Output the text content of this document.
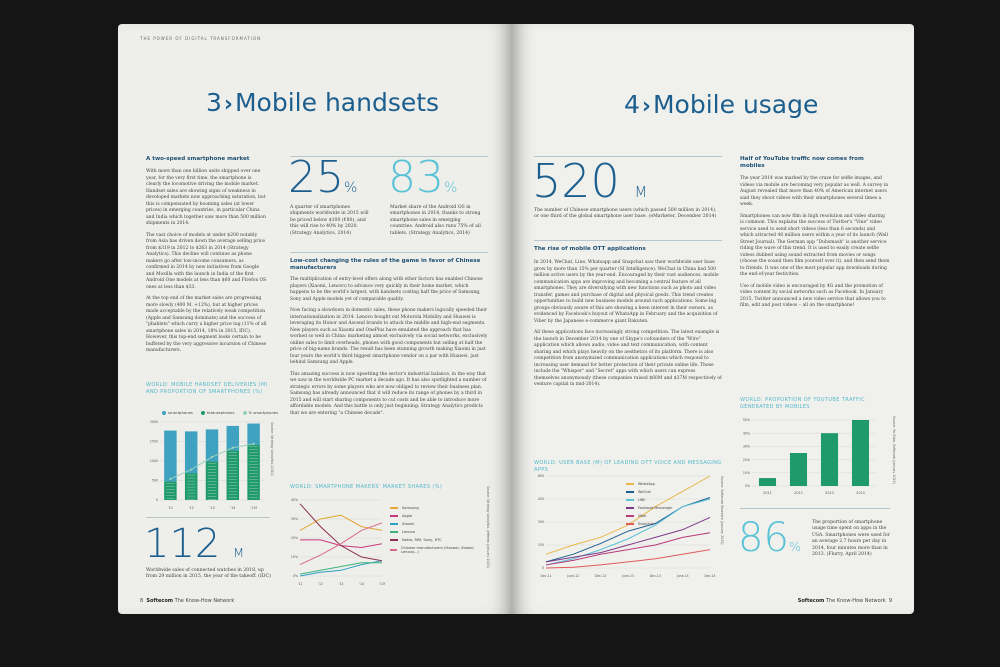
THE POWER OF DIGITAL TRANSFORMATION
3›Mobile handsets
A two-speed smartphone market

With more than one billion units shipped over one year, for the very first time, the smartphone is clearly the locomotive driving the mobile market. Handset sales are showing signs of weakness in developed markets now approaching saturation, but this is compensated by booming sales (at lower prices) in emerging countries, in particular China and India which together saw more than 500 million shipments in 2014.

The vast choice of models at under $200 notably from Asia has driven down the average selling price from $319 in 2012 to $263 in 2014 (Strategy Analytics). This decline will continue as phone makers go after low-income consumers, as confirmed in 2014 by new initiatives from Google and Mozilla with the launch in India of the first Android One models at less than $60 and Firefox OS ones at less than $33.

At the top end of the market sales are progressing more slowly (400 M, +12%), but at higher prices made acceptable by the relatively weak competition (Apple and Samsung dominate) and the success of "phablets" which carry a higher price tag (11% of all smartphone sales in 2014, 18% in 2015, IDC). However, this top-end segment looks certain to be buffeted by the very aggressive incursion of Chinese manufacturers.

WORLD: MOBILE HANDSET DELIVERIES (M) AND PROPORTION OF SMARTPHONES (%)
smartphones	featurephones	% smartphones
0
500
1000
1500
2000
'11	'12	'13	'14	'15f
Source: Strategy Analytics (2014)
112 M
Worldwide sales of connected watches in 2018, up from 29 million in 2015, the year of the takeoff. (IDC)
25%
A quarter of smartphones shipments worldwide in 2015 will be priced below $100 (€80), and this will rise to 40% by 2020. (Strategy Analytics, 2014)
83%
Market share of the Android OS in smartphones in 2014, thanks to strong smartphone sales in emerging countries. Android also runs 75% of all tablets. (Strategy Analytics, 2014)
Low-cost changing the rules of the game in favor of Chinese manufacturers

The multiplication of entry-level offers along with other factors has enabled Chinese players (Xiaomi, Lenovo) to advance very quickly in their home market, which happens to be the world's largest, with handsets costing half the price of Samsung, Sony and Apple models yet of comparable quality.

Now facing a slowdown in domestic sales, these phone makers logically speeded their internationalization in 2014. Lenovo bought out Motorola Mobility and Huawei is leveraging its Honor and Ascend brands to attack the middle and high-end segments. New players such as Xiaomi and OnePlus have emulated the approach that has worked so well in China: marketing almost exclusively via social networks, exclusively online sales to limit overheads, phones with good components but selling at half the price of big-name brands. The result has been stunning growth making Xiaomi in just four years the world's third biggest smartphone vendor on a par with Huawei, just behind Samsung and Apple.

This amazing success is now upsetting the sector's industrial balance, in the way that we saw in the worldwide PC market a decade ago. It has also spotlighted a number of strategic errors by some players who are now obliged to review their business plan. Samsung has already announced that it will reduce its range of phones by a third in 2015 and will start sharing components to cut costs and be able to introduce more affordable models. And this battle is only just beginning: Strategy Analytics predicts that we are entering "a Chinese decade".

WORLD: SMARTPHONE MAKERS' MARKET SHARES (%)
0%
10%
20%
30%
40%
'11	'12	'13	'14	'15f
Samsung
Apple
Xiaomi
Lenovo
Nokia, RIM, Sony, HTC
Chinese manufacturers (Huawei, Xiaomi, Lenovo...)	Source: Strategy Analytics, Jefferies (January 2015)
8 Softecom The Know-How Network
4›Mobile usage
520 M
The number of Chinese smartphone users (which passed 500 million in 2014), or one third of the global smartphone user base. (eMarketer, December 2014)
The rise of mobile OTT applications

In 2014, WeChat, Line, Whatsapp and Snapchat saw their worldwide user base grow by more than 15% per quarter (SI Intelligence). WeChat in China had 500 million active users by the year-end. Encouraged by their vast audiences, mobile communication apps are improving and becoming a central feature of all smartphones. They are diversifying with new functions such as photo and video transfer, games and purchase of digital and physical goods. This trend creates opportunities to build new business models around such applications. Some big groups obviously aware of this are showing a keen interest in their owners, as evidenced by Facebook's buyout of WhatsApp in February and the acquisition of Viber by the Japanese e-commerce giant Rakuten.

All these applications face increasingly strong competition. The latest example is the launch in December 2014 by one of Skype's cofounders of the "Wire" application which allows audio, video and text communication, with content sharing and which plays heavily on the aesthetics of its platform. There is also competition from anonymized communication applications which respond to increasing user demand for better protection of their private online life. These include the "Whisper" and "Secret" apps with which users can express themselves anonymously (these companies raised $60M and $37M respectively of venture capital in mid-2014).

WORLD: USER BASE (M) OF LEADING OTT VOICE AND MESSAGING APPS
0
150
300
450
600
Dec-11	June-12	Dec-12	June-13	Dec-13	June-14	Dec-14
WhatsApp
WeChat
LINE
Facebook Messenger
Viber
Snapchat	Source: Softecom Research (January 2015)
Half of YouTube traffic now comes from mobiles

The year 2014 was marked by the craze for selfie images, and videos via mobile are becoming very popular as well. A survey in August revealed that more than 40% of American internet users said they shoot videos with their smartphones several times a week.

Smartphones can now film in high resolution and video sharing is common. This explains the success of Twitter's "Vine" video service used to send short videos (less than 6 seconds) and which attracted 40 million users within a year of its launch (Wall Street Journal). The German app "Dubsmash" is another service riding the wave of this trend. It is used to easily create selfie videos dubbed using sound extracted from movies or songs (choose the sound then film yourself over it), and then send them to friends. It was one of the most popular app downloads during the end-of-year festivities.

Use of mobile video is encouraged by 4G and the promotion of video content by social networks such as Facebook. In January 2015, Twitter announced a new video service that allows you to film, edit and post videos – all on the smartphone!

WORLD: PROPORTION OF YOUTUBE TRAFFIC GENERATED BY MOBILES
0%
10%
20%
30%
40%
50%
2011	2012	2013	2014
Source: YouTube, Softecom (January 2015)
86%
The proportion of smartphone usage time spent on apps in the USA. Smartphones were used for an average 2.7 hours per day in 2014, four minutes more than in 2013. (Flurry, April 2014)
Softecom The Know-How Network 9
